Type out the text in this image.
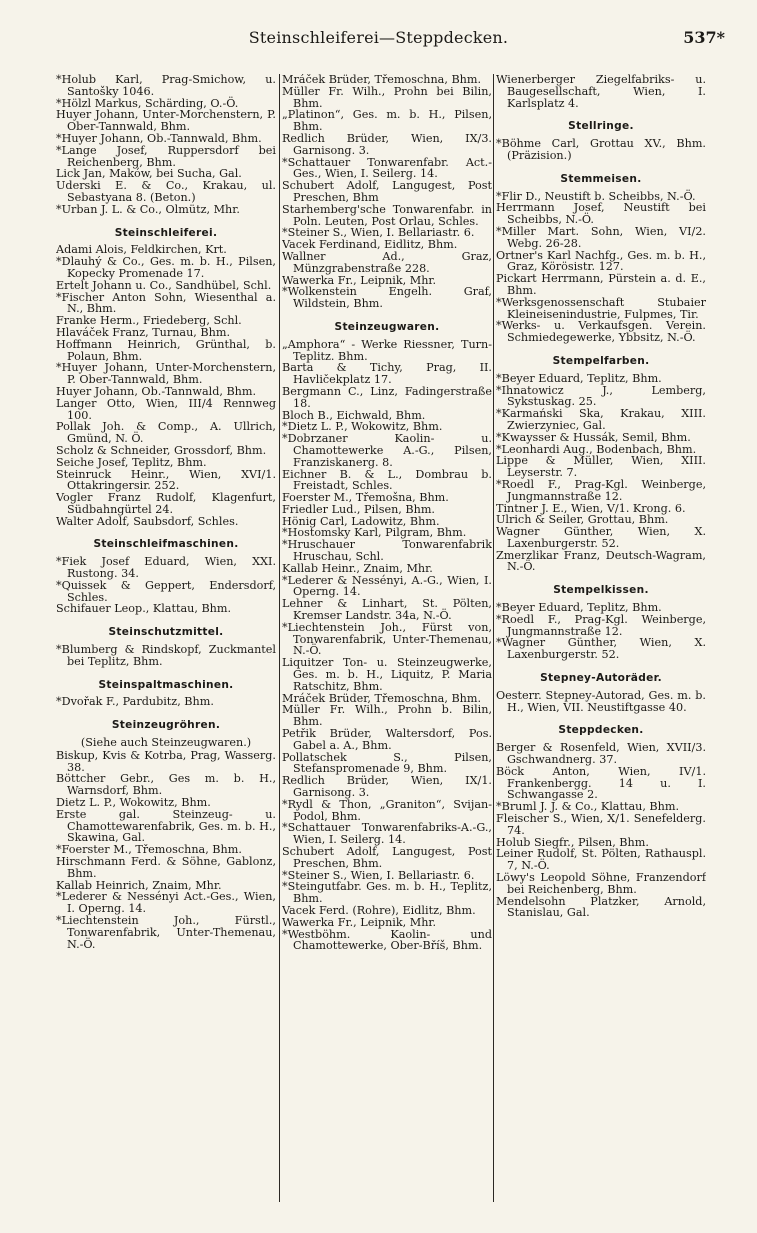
Steinschleiferei—Steppdecken.	537*

*Holub Karl, Prag-Smichow, u. Santošky 1046.

*Hölzl Markus, Schärding, O.-Ö.

Huyer Johann, Unter-Morchenstern, P. Ober-Tannwald, Bhm.

*Huyer Johann, Ob.-Tannwald, Bhm.

*Lange Josef, Ruppersdorf bei Reichenberg, Bhm.

Lick Jan, Maków, bei Sucha, Gal.

Uderski E. & Co., Krakau, ul. Sebastyana 8. (Beton.)

*Urban J. L. & Co., Olmütz, Mhr.

Steinschleiferei.

Adami Alois, Feldkirchen, Krt.

*Dlauhý & Co., Ges. m. b. H., Pilsen, Kopecky Promenade 17.

Ertelt Johann u. Co., Sandhübel, Schl.

*Fischer Anton Sohn, Wiesenthal a. N., Bhm.

Franke Herm., Friedeberg, Schl.

Hlaváček Franz, Turnau, Bhm.

Hoffmann Heinrich, Grünthal, b. Polaun, Bhm.

*Huyer Johann, Unter-Morchenstern, P. Ober-Tannwald, Bhm.

Huyer Johann, Ob.-Tannwald, Bhm.

Langer Otto, Wien, III/4 Rennweg 100.

Pollak Joh. & Comp., A. Ullrich, Gmünd, N. Ö.

Scholz & Schneider, Grossdorf, Bhm.

Seiche Josef, Teplitz, Bhm.

Steinruck Heinr., Wien, XVI/1. Ottakringersir. 252.

Vogler Franz Rudolf, Klagenfurt, Südbahngürtel 24.

Walter Adolf, Saubsdorf, Schles.

Steinschleifmaschinen.

*Fiek Josef Eduard, Wien, XXI. Rustong. 34.

*Quissek & Geppert, Endersdorf, Schles.

Schifauer Leop., Klattau, Bhm.

Steinschutzmittel.

*Blumberg & Rindskopf, Zuckmantel bei Teplitz, Bhm.

Steinspaltmaschinen.

*Dvořak F., Pardubitz, Bhm.

Steinzeugröhren.

(Siehe auch Steinzeugwaren.)

Biskup, Kvis & Kotrba, Prag, Wasserg. 38.

Böttcher Gebr., Ges m. b. H., Warnsdorf, Bhm.

Dietz L. P., Wokowitz, Bhm.

Erste gal. Steinzeug- u. Chamottewarenfabrik, Ges. m. b. H., Skawina, Gal.

*Foerster M., Třemoschna, Bhm.

Hirschmann Ferd. & Söhne, Gablonz, Bhm.

Kallab Heinrich, Znaim, Mhr.

*Lederer & Nessényi Act.-Ges., Wien, I. Operng. 14.

*Liechtenstein Joh., Fürstl., Tonwarenfabrik, Unter-Themenau, N.-Ö.

Mráček Brüder, Třemoschna, Bhm.

Müller Fr. Wilh., Prohn bei Bilin, Bhm.

„Platinon“, Ges. m. b. H., Pilsen, Bhm.

Redlich Brüder, Wien, IX/3. Garnisong. 3.

*Schattauer Tonwarenfabr. Act.-Ges., Wien, I. Seilerg. 14.

Schubert Adolf, Langugest, Post Preschen, Bhm

Starhemberg'sche Tonwarenfabr. in Poln. Leuten, Post Orlau, Schles.

*Steiner S., Wien, I. Bellariastr. 6.

Vacek Ferdinand, Eidlitz, Bhm.

Wallner Ad., Graz, Münzgrabenstraße 228.

Wawerka Fr., Leipnik, Mhr.

*Wolkenstein Engelh. Graf, Wildstein, Bhm.

Steinzeugwaren.

„Amphora“ - Werke Riessner, Turn-Teplitz. Bhm.

Barta & Tichy, Prag, II. Havličekplatz 17.

Bergmann C., Linz, Fadingerstraße 18.

Bloch B., Eichwald, Bhm.

*Dietz L. P., Wokowitz, Bhm.

*Dobrzaner Kaolin- u. Chamottewerke A.-G., Pilsen, Franziskanerg. 8.

Eichner B. & L., Dombrau b. Freistadt, Schles.

Foerster M., Třemošna, Bhm.

Friedler Lud., Pilsen, Bhm.

Hönig Carl, Ladowitz, Bhm.

*Hostomsky Karl, Pilgram, Bhm.

*Hruschauer Tonwarenfabrik Hruschau, Schl.

Kallab Heinr., Znaim, Mhr.

*Lederer & Nessényi, A.-G., Wien, I. Operng. 14.

Lehner & Linhart, St. Pölten, Kremser Landstr. 34a, N.-Ö.

*Liechtenstein Joh., Fürst von, Tonwarenfabrik, Unter-Themenau, N.-Ö.

Liquitzer Ton- u. Steinzeugwerke, Ges. m. b. H., Liquitz, P. Maria Ratschitz, Bhm.

Mráček Brüder, Třemoschna, Bhm.

Müller Fr. Wilh., Prohn b. Bilin, Bhm.

Petřik Brüder, Waltersdorf, Pos. Gabel a. A., Bhm.

Pollatschek S., Pilsen, Stefanspromenade 9, Bhm.

Redlich Brüder, Wien, IX/1. Garnisong. 3.

*Rydl & Thon, „Graniton“, Svijan-Podol, Bhm.

*Schattauer Tonwarenfabriks-A.-G., Wien, I. Seilerg. 14.

Schubert Adolf, Langugest, Post Preschen, Bhm.

*Steiner S., Wien, I. Bellariastr. 6.

*Steingutfabr. Ges. m. b. H., Teplitz, Bhm.

Vacek Ferd. (Rohre), Eidlitz, Bhm.

Wawerka Fr., Leipnik, Mhr.

*Westböhm. Kaolin- und Chamottewerke, Ober-Bříš, Bhm.

Wienerberger Ziegelfabriks- u. Baugesellschaft, Wien, I. Karlsplatz 4.

Stellringe.

*Böhme Carl, Grottau XV., Bhm. (Präzision.)

Stemmeisen.

*Flir D., Neustift b. Scheibbs, N.-Ö.

Herrmann Josef, Neustift bei Scheibbs, N.-Ö.

*Miller Mart. Sohn, Wien, VI/2. Webg. 26-28.

Ortner's Karl Nachfg., Ges. m. b. H., Graz, Körösistr. 127.

Pickart Herrmann, Pürstein a. d. E., Bhm.

*Werksgenossenschaft Stubaier Kleineisenindustrie, Fulpmes, Tir.

*Werks- u. Verkaufsgen. Verein. Schmiedegewerke, Ybbsitz, N.-Ö.

Stempelfarben.

*Beyer Eduard, Teplitz, Bhm.

*Ihnatowicz J., Lemberg, Sykstuskag. 25.

*Karmański Ska, Krakau, XIII. Zwierzyniec, Gal.

*Kwaysser & Hussák, Semil, Bhm.

*Leonhardi Aug., Bodenbach, Bhm.

Lippe & Müller, Wien, XIII. Leyserstr. 7.

*Roedl F., Prag-Kgl. Weinberge, Jungmannstraße 12.

Tintner J. E., Wien, V/1. Krong. 6.

Ulrich & Seiler, Grottau, Bhm.

Wagner Günther, Wien, X. Laxenburgerstr. 52.

Zmerzlikar Franz, Deutsch-Wagram, N.-Ö.

Stempelkissen.

*Beyer Eduard, Teplitz, Bhm.

*Roedl F., Prag-Kgl. Weinberge, Jungmannstraße 12.

*Wagner Günther, Wien, X. Laxenburgerstr. 52.

Stepney-Autoräder.

Oesterr. Stepney-Autorad, Ges. m. b. H., Wien, VII. Neustiftgasse 40.

Steppdecken.

Berger & Rosenfeld, Wien, XVII/3. Gschwandnerg. 37.

Böck Anton, Wien, IV/1. Frankenbergg. 14 u. I. Schwangasse 2.

*Bruml J. J. & Co., Klattau, Bhm.

Fleischer S., Wien, X/1. Senefelderg. 74.

Holub Siegfr., Pilsen, Bhm.

Leiner Rudolf, St. Pölten, Rathauspl. 7, N.-Ö.

Löwy's Leopold Söhne, Franzendorf bei Reichenberg, Bhm.

Mendelsohn Platzker, Arnold, Stanislau, Gal.
